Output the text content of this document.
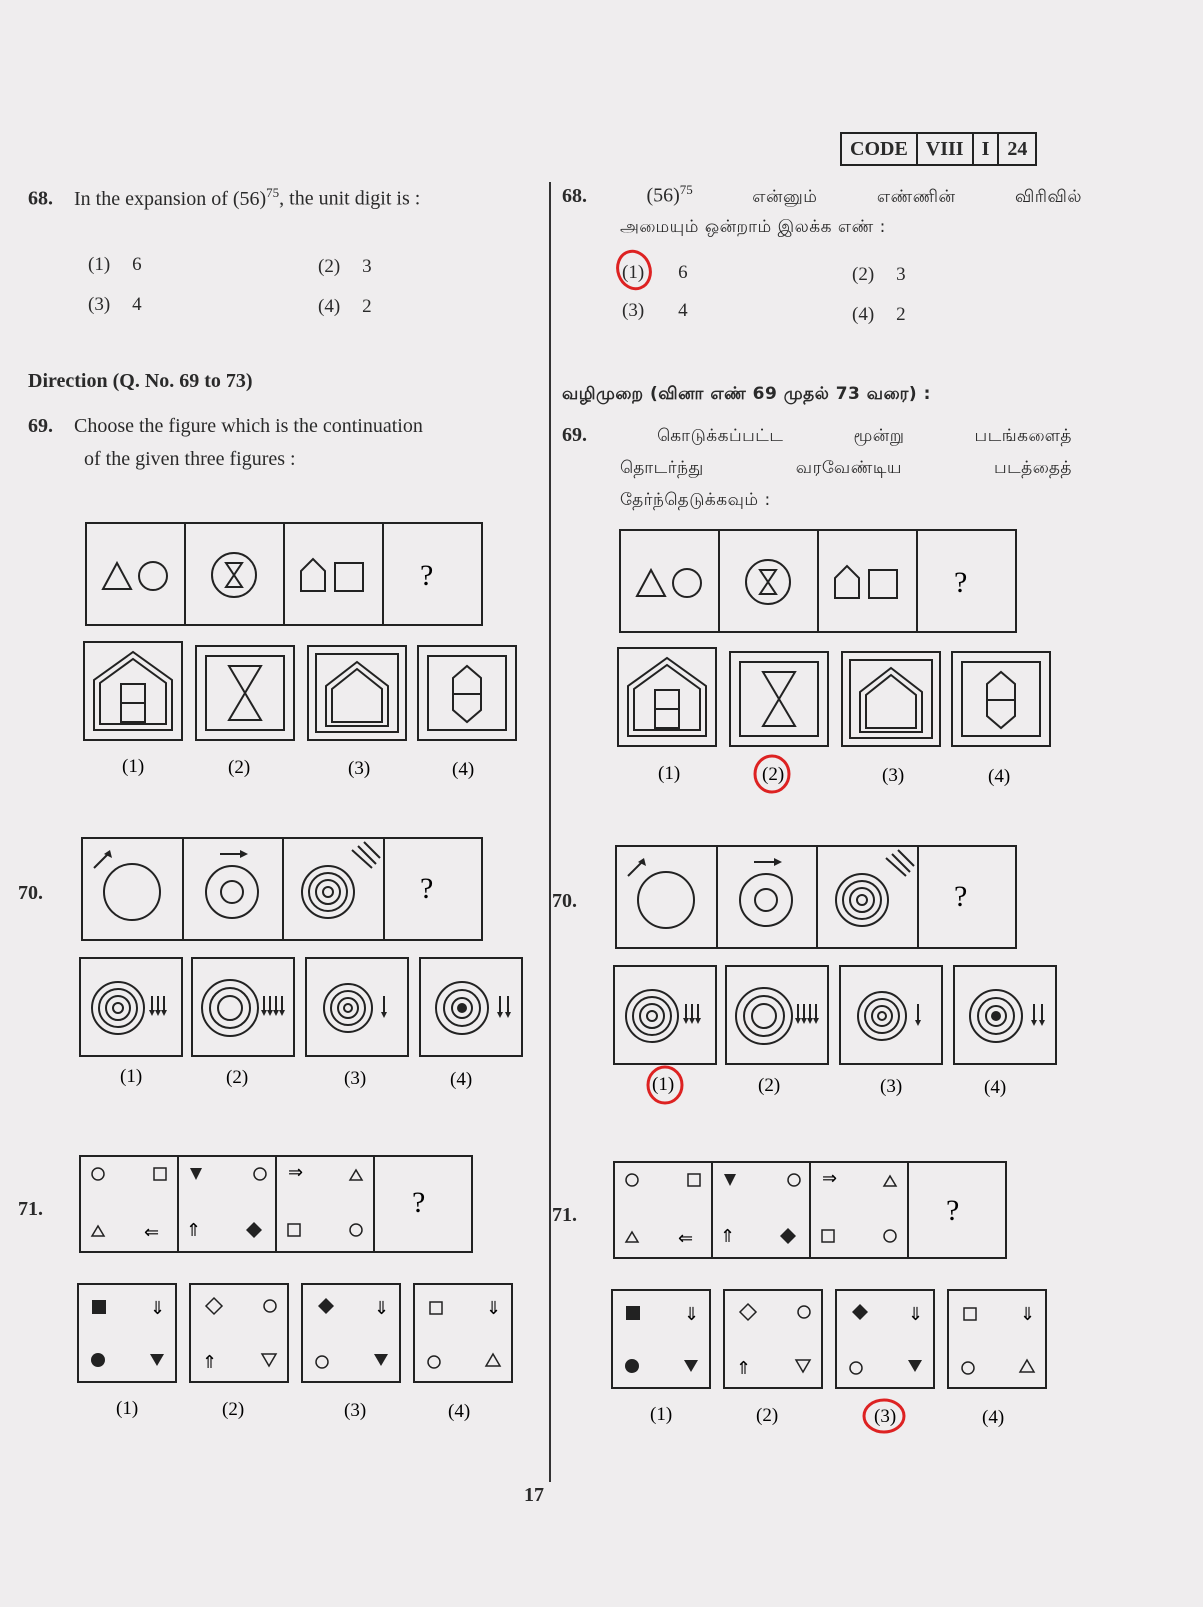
CODE VIII I 24
68. In the expansion of $(56)^{75}$, the unit digit is :
(1) 6	(2) 3
(3) 4	(4) 2
Direction (Q. No. 69 to 73)
69. Choose the figure which is the continuation
of the given three figures :
70.
71.
68.	$(56)^{75}$	என்னும்	எண்ணின்	விரிவில்
அமையும் ஒன்றாம் இலக்க எண் :
(1) 6	(2) 3
(3) 4	(4) 2
வழிமுறை (வினா எண் 69 முதல் 73 வரை) :
69.	கொடுக்கப்பட்ட	மூன்று	படங்களைத்
தொடர்ந்து	வரவேண்டிய	படத்தைத்
தேர்ந்தெடுக்கவும் :
70.
71.
17
⇐	⇑
⇒
⇓
⇑
⇓	⇓
?	?
?	?
?	?
(1)	(2)	(3)	(4)
(1)	(2)	(3)	(4)
(1)	(2)	(3)	(4)
(1)	(2)	(3)	(4)
(1)	(2)	(3)	(4)
(1)	(2)	(3)	(4)
